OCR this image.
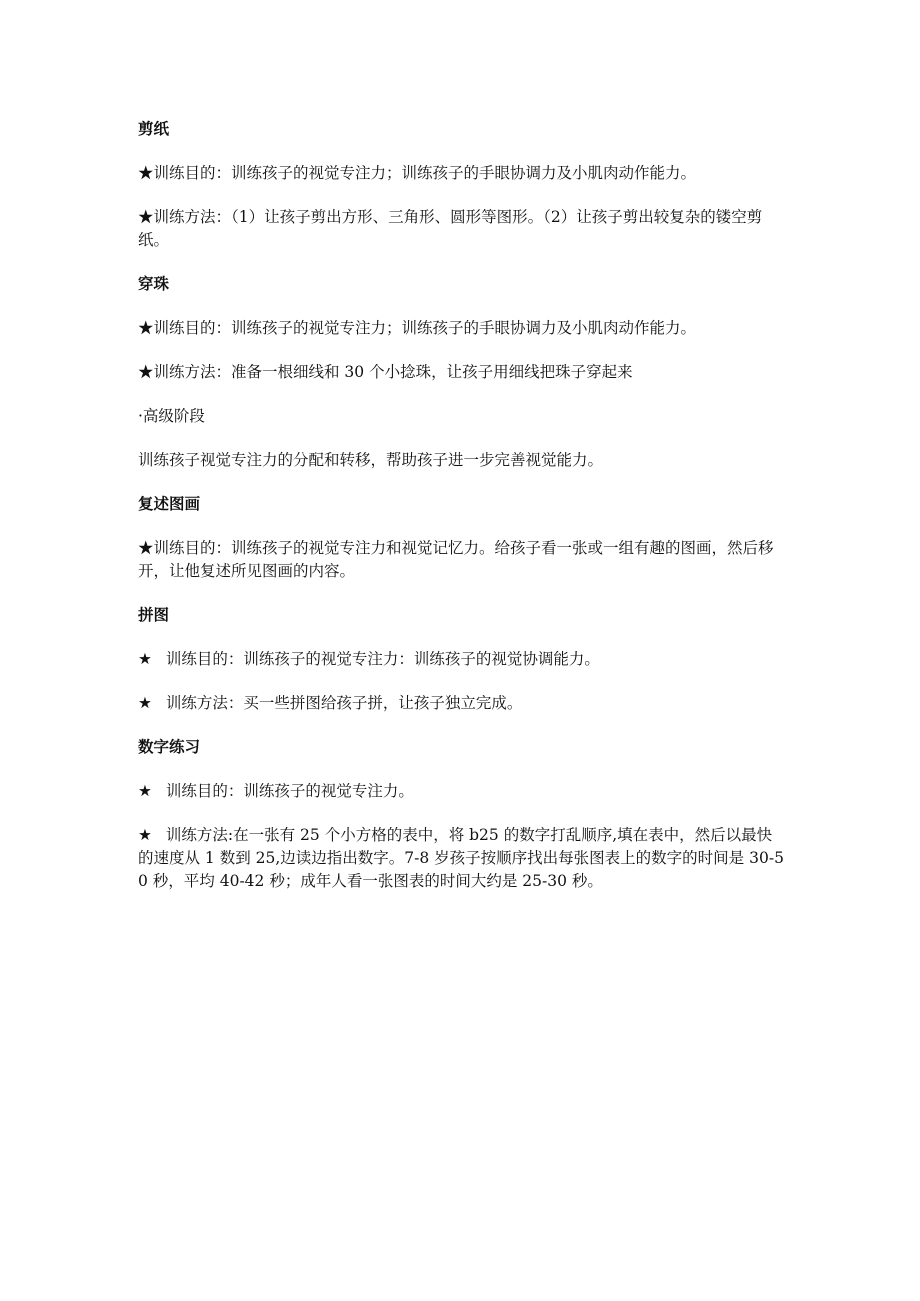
剪纸
★训练目的：训练孩子的视觉专注力；训练孩子的手眼协调力及小肌肉动作能力。
★训练方法：（1）让孩子剪出方形、三角形、圆形等图形。（2）让孩子剪出较复杂的镂空剪纸。
穿珠
★训练目的：训练孩子的视觉专注力；训练孩子的手眼协调力及小肌肉动作能力。
★训练方法：准备一根细线和 30 个小捻珠，让孩子用细线把珠子穿起来
·高级阶段
训练孩子视觉专注力的分配和转移，帮助孩子进一步完善视觉能力。
复述图画
★训练目的：训练孩子的视觉专注力和视觉记忆力。给孩子看一张或一组有趣的图画，然后移开，让他复述所见图画的内容。
拼图
★ 训练目的：训练孩子的视觉专注力：训练孩子的视觉协调能力。
★ 训练方法：买一些拼图给孩子拼，让孩子独立完成。
数字练习
★ 训练目的：训练孩子的视觉专注力。
★ 训练方法:在一张有 25 个小方格的表中，将 b25 的数字打乱顺序,填在表中，然后以最快的速度从 1 数到 25,边读边指出数字。7-8 岁孩子按顺序找出每张图表上的数字的时间是 30-50 秒，平均 40-42 秒；成年人看一张图表的时间大约是 25-30 秒。
